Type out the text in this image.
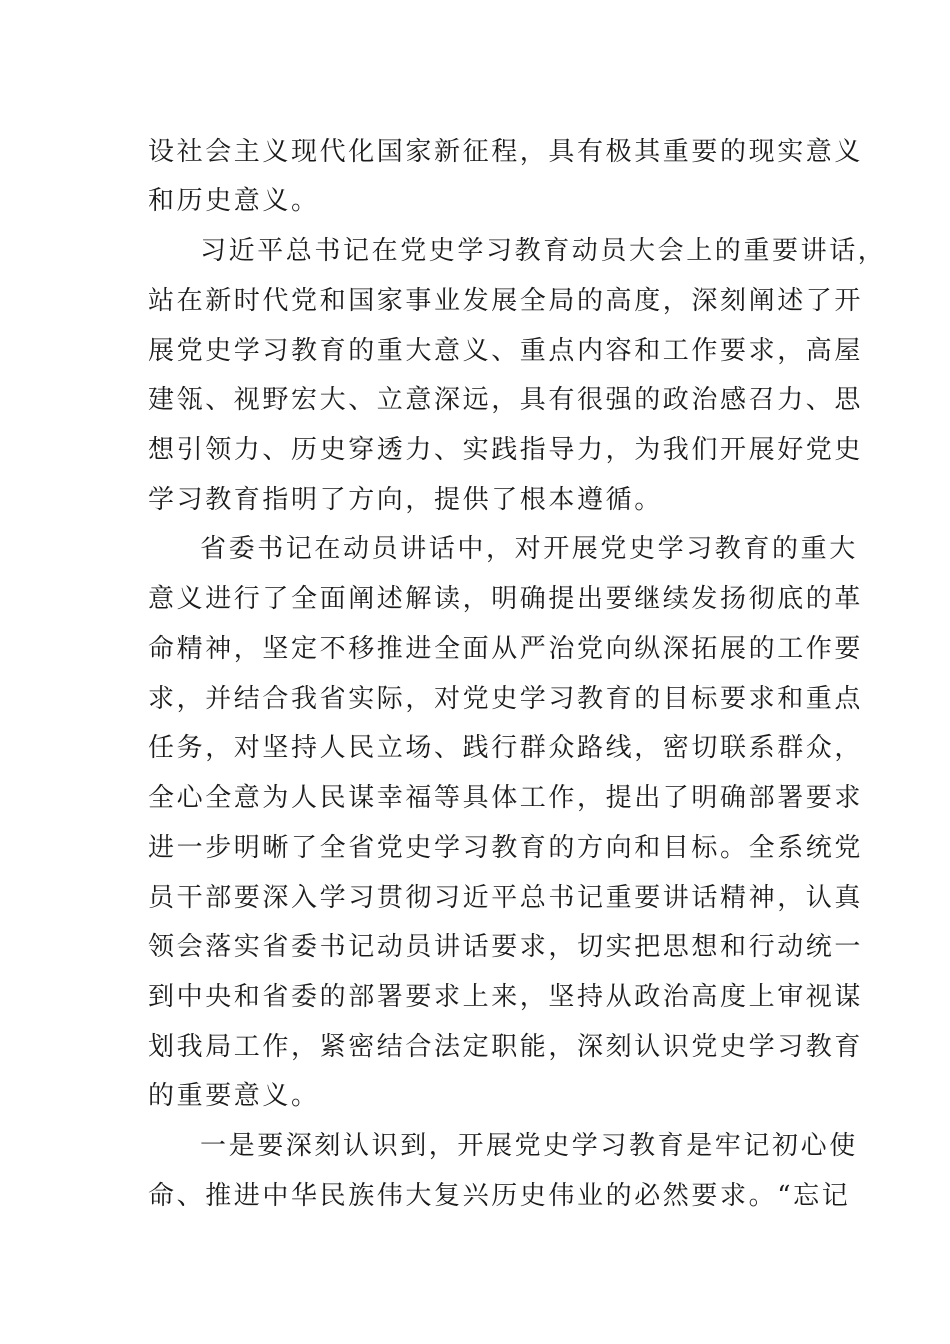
设社会主义现代化国家新征程，具有极其重要的现实意义
和历史意义。
习近平总书记在党史学习教育动员大会上的重要讲话，
站在新时代党和国家事业发展全局的高度，深刻阐述了开
展党史学习教育的重大意义、重点内容和工作要求，高屋
建瓴、视野宏大、立意深远，具有很强的政治感召力、思
想引领力、历史穿透力、实践指导力，为我们开展好党史
学习教育指明了方向，提供了根本遵循。
省委书记在动员讲话中，对开展党史学习教育的重大
意义进行了全面阐述解读，明确提出要继续发扬彻底的革
命精神，坚定不移推进全面从严治党向纵深拓展的工作要
求，并结合我省实际，对党史学习教育的目标要求和重点
任务，对坚持人民立场、践行群众路线，密切联系群众，
全心全意为人民谋幸福等具体工作，提出了明确部署要求
进一步明晰了全省党史学习教育的方向和目标。全系统党
员干部要深入学习贯彻习近平总书记重要讲话精神，认真
领会落实省委书记动员讲话要求，切实把思想和行动统一
到中央和省委的部署要求上来，坚持从政治高度上审视谋
划我局工作，紧密结合法定职能，深刻认识党史学习教育
的重要意义。
一是要深刻认识到，开展党史学习教育是牢记初心使
命、推进中华民族伟大复兴历史伟业的必然要求。“忘记
